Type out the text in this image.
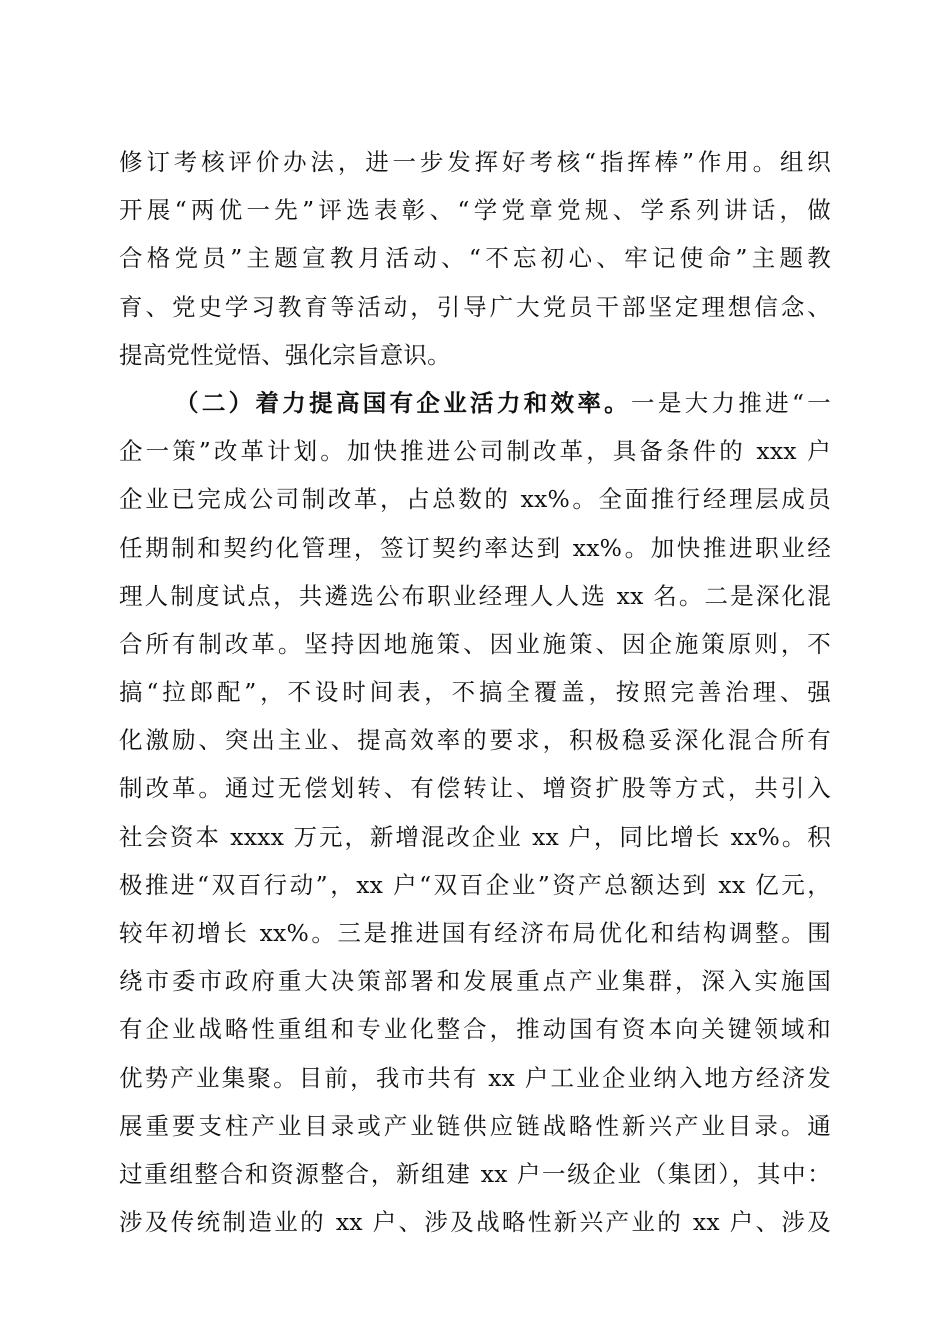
修订考核评价办法，进一步发挥好考核“指挥棒”作用。组织
开展“两优一先”评选表彰、“学党章党规、学系列讲话，做
合格党员”主题宣教月活动、“不忘初心、牢记使命”主题教
育、党史学习教育等活动，引导广大党员干部坚定理想信念、
提高党性觉悟、强化宗旨意识。
（二）着力提高国有企业活力和效率。一是大力推进“一
企一策”改革计划。加快推进公司制改革，具备条件的 xxx 户
企业已完成公司制改革，占总数的 xx%。全面推行经理层成员
任期制和契约化管理，签订契约率达到 xx%。加快推进职业经
理人制度试点，共遴选公布职业经理人人选 xx 名。二是深化混
合所有制改革。坚持因地施策、因业施策、因企施策原则，不
搞“拉郎配”，不设时间表，不搞全覆盖，按照完善治理、强
化激励、突出主业、提高效率的要求，积极稳妥深化混合所有
制改革。通过无偿划转、有偿转让、增资扩股等方式，共引入
社会资本 xxxx 万元，新增混改企业 xx 户，同比增长 xx%。积
极推进“双百行动”，xx 户“双百企业”资产总额达到 xx 亿元，
较年初增长 xx%。三是推进国有经济布局优化和结构调整。围
绕市委市政府重大决策部署和发展重点产业集群，深入实施国
有企业战略性重组和专业化整合，推动国有资本向关键领域和
优势产业集聚。目前，我市共有 xx 户工业企业纳入地方经济发
展重要支柱产业目录或产业链供应链战略性新兴产业目录。通
过重组整合和资源整合，新组建 xx 户一级企业（集团），其中：
涉及传统制造业的 xx 户、涉及战略性新兴产业的 xx 户、涉及
